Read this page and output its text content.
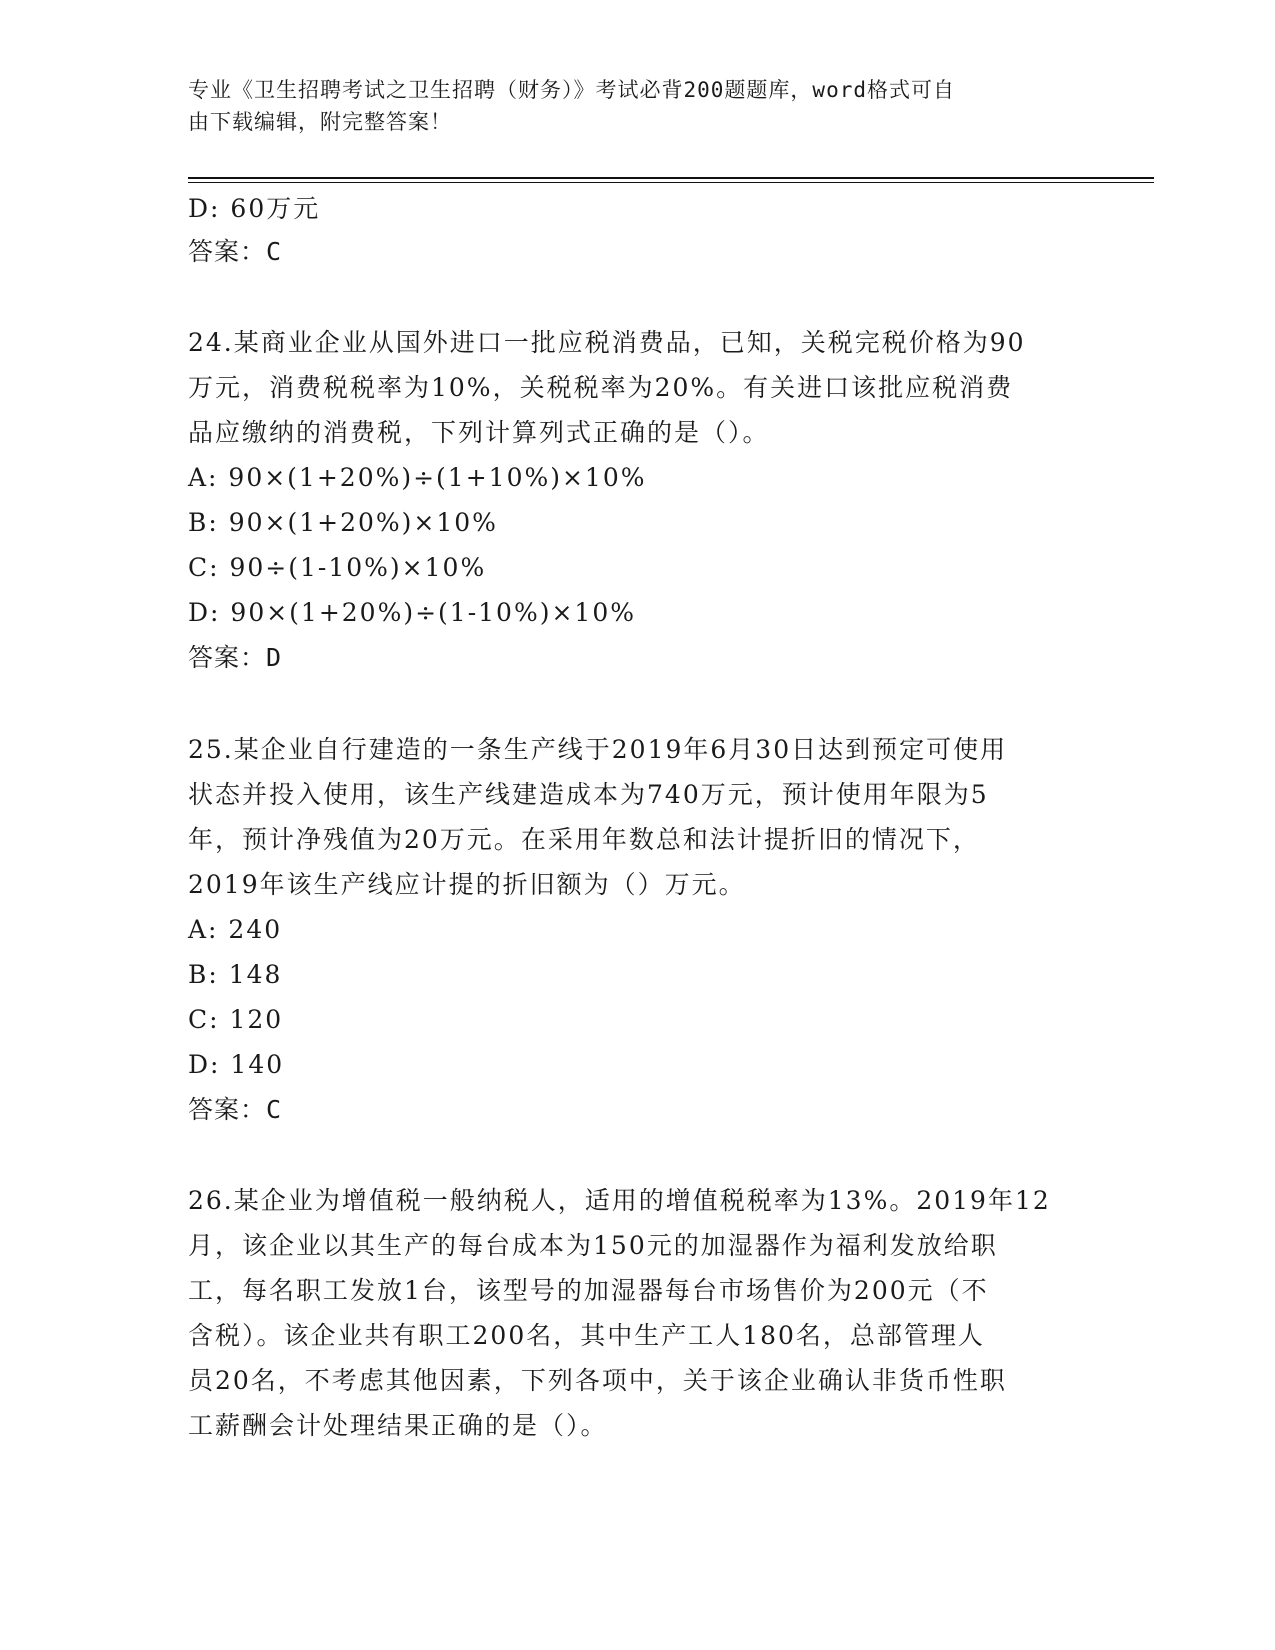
专业《卫生招聘考试之卫生招聘（财务）》考试必背200题题库，word格式可自
由下载编辑，附完整答案！
D: 60万元
答案：C
24.某商业企业从国外进口一批应税消费品，已知，关税完税价格为90
万元，消费税税率为10%，关税税率为20%。有关进口该批应税消费
品应缴纳的消费税，下列计算列式正确的是（）。
A: 90×(1+20%)÷(1+10%)×10%
B: 90×(1+20%)×10%
C: 90÷(1-10%)×10%
D: 90×(1+20%)÷(1-10%)×10%
答案：D
25.某企业自行建造的一条生产线于2019年6月30日达到预定可使用
状态并投入使用，该生产线建造成本为740万元，预计使用年限为5
年，预计净残值为20万元。在采用年数总和法计提折旧的情况下，
2019年该生产线应计提的折旧额为（）万元。
A: 240
B: 148
C: 120
D: 140
答案：C
26.某企业为增值税一般纳税人，适用的增值税税率为13%。2019年12
月，该企业以其生产的每台成本为150元的加湿器作为福利发放给职
工，每名职工发放1台，该型号的加湿器每台市场售价为200元（不
含税）。该企业共有职工200名，其中生产工人180名，总部管理人
员20名，不考虑其他因素，下列各项中，关于该企业确认非货币性职
工薪酬会计处理结果正确的是（）。
